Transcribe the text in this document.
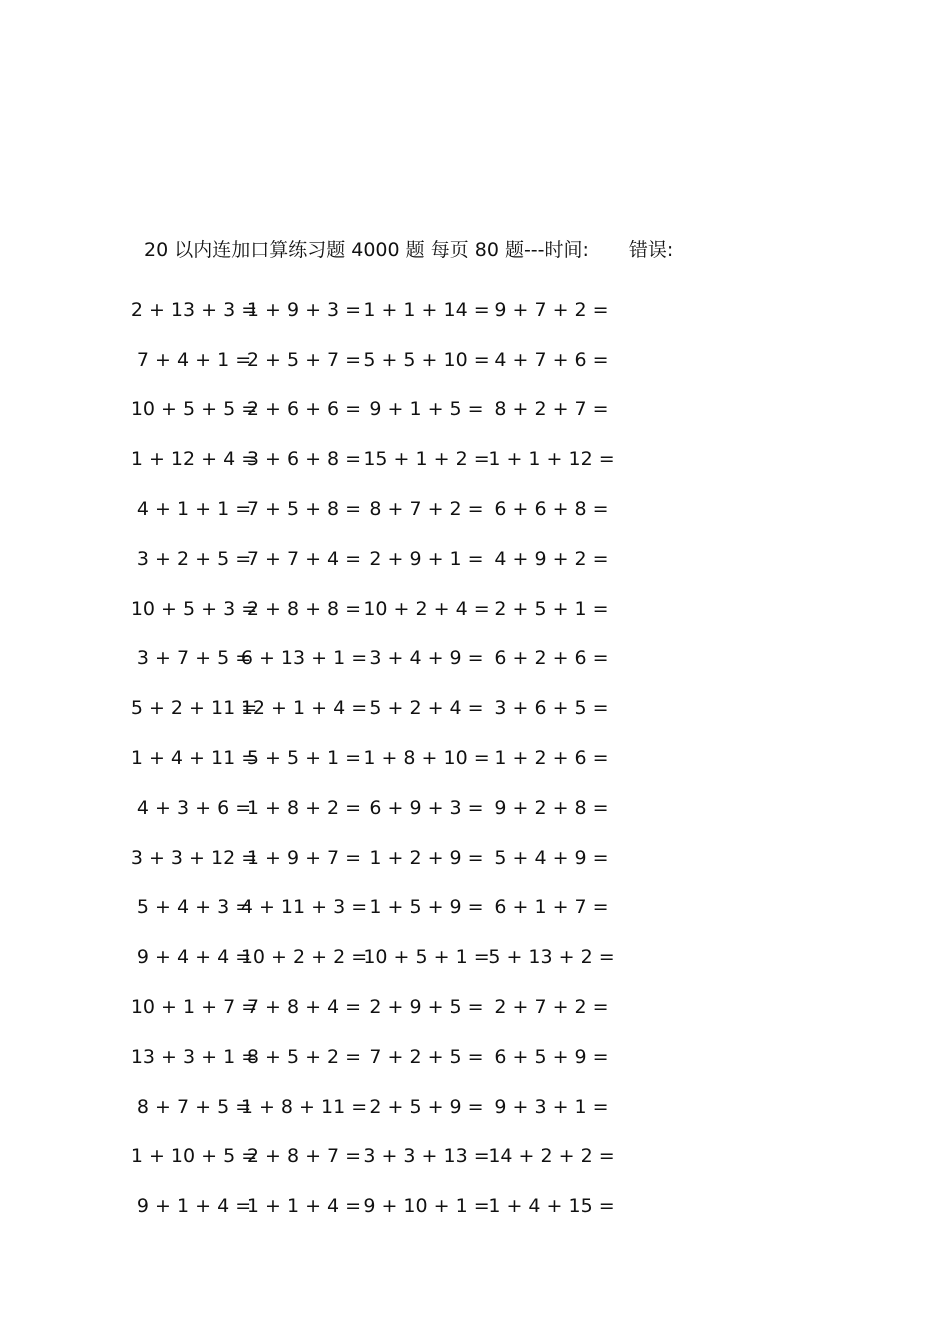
20 以内连加口算练习题 4000 题 每页 80 题---时间: 错误:
2 + 13 + 3 =
1 + 9 + 3 = 1 + 1 + 14 = 9 + 7 + 2 =
7 + 4 + 1 =
2 + 5 + 7 = 5 + 5 + 10 = 4 + 7 + 6 =
10 + 5 + 5 =
2 + 6 + 6 = 9 + 1 + 5 = 8 + 2 + 7 =
1 + 12 + 4 =
3 + 6 + 8 = 15 + 1 + 2 =
1 + 1 + 12 =
4 + 1 + 1 =
7 + 5 + 8 = 8 + 7 + 2 = 6 + 6 + 8 =
3 + 2 + 5 =
7 + 7 + 4 = 2 + 9 + 1 = 4 + 9 + 2 =
10 + 5 + 3 =
2 + 8 + 8 = 10 + 2 + 4 = 2 + 5 + 1 =
3 + 7 + 5 =
6 + 13 + 1 = 3 + 4 + 9 = 6 + 2 + 6 =
5 + 2 + 11 =
12 + 1 + 4 = 5 + 2 + 4 = 3 + 6 + 5 =
1 + 4 + 11 =
5 + 5 + 1 = 1 + 8 + 10 = 1 + 2 + 6 =
4 + 3 + 6 =
1 + 8 + 2 = 6 + 9 + 3 = 9 + 2 + 8 =
3 + 3 + 12 =
1 + 9 + 7 = 1 + 2 + 9 = 5 + 4 + 9 =
5 + 4 + 3 =
4 + 11 + 3 = 1 + 5 + 9 = 6 + 1 + 7 =
9 + 4 + 4 =
10 + 2 + 2 =
10 + 5 + 1 =
5 + 13 + 2 =
10 + 1 + 7 =
7 + 8 + 4 = 2 + 9 + 5 = 2 + 7 + 2 =
13 + 3 + 1 =
8 + 5 + 2 = 7 + 2 + 5 = 6 + 5 + 9 =
8 + 7 + 5 =
1 + 8 + 11 = 2 + 5 + 9 = 9 + 3 + 1 =
1 + 10 + 5 =
2 + 8 + 7 = 3 + 3 + 13 =
14 + 2 + 2 =
9 + 1 + 4 =
1 + 1 + 4 = 9 + 10 + 1 =
1 + 4 + 15 =
